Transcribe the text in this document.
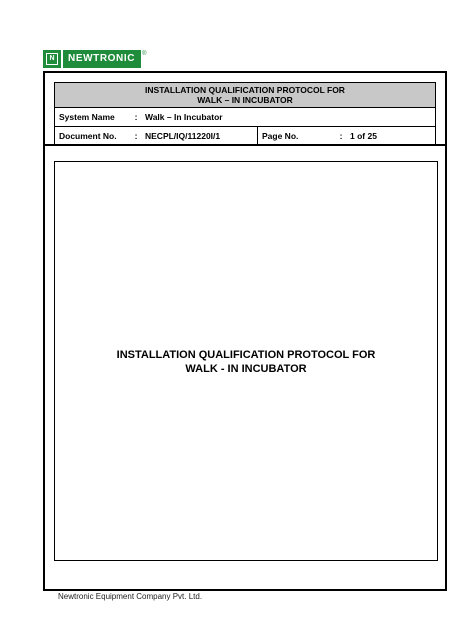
N	NEWTRONIC	®
INSTALLATION QUALIFICATION PROTOCOL FOR
WALK – IN INCUBATOR					

System Name	:	Walk – In Incubator			
Document No.	:	NECPL/IQ/11220I/1	Page No.	:	1 of 25
INSTALLATION QUALIFICATION PROTOCOL FOR
WALK - IN INCUBATOR
Newtronic Equipment Company Pvt. Ltd.
